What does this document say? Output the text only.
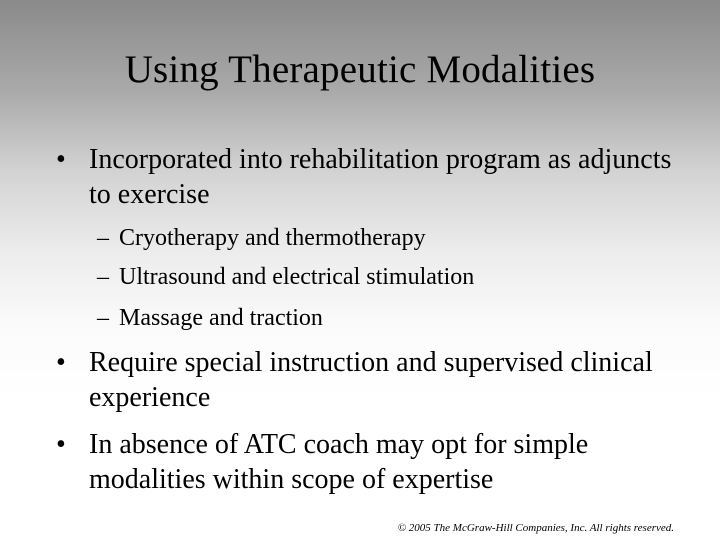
Using Therapeutic Modalities
• Incorporated into rehabilitation program as adjuncts to exercise
– Cryotherapy and thermotherapy
– Ultrasound and electrical stimulation
– Massage and traction
• Require special instruction and supervised clinical experience
• In absence of ATC coach may opt for simple modalities within scope of expertise
© 2005 The McGraw-Hill Companies, Inc. All rights reserved.
